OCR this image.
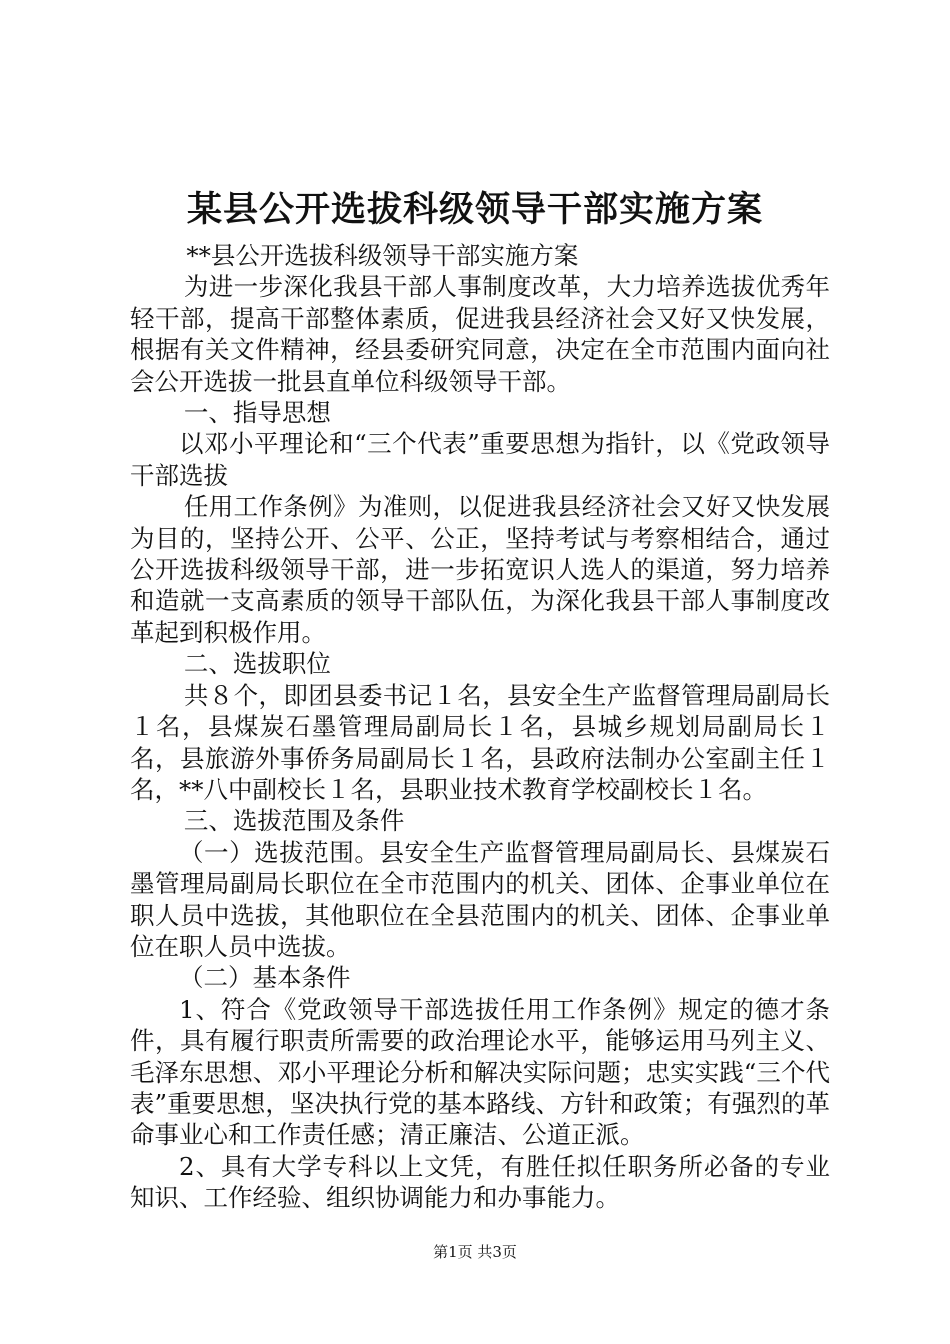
某县公开选拔科级领导干部实施方案

**县公开选拔科级领导干部实施方案

为进一步深化我县干部人事制度改革，大力培养选拔优秀年轻干部，提高干部整体素质，促进我县经济社会又好又快发展，根据有关文件精神，经县委研究同意，决定在全市范围内面向社会公开选拔一批县直单位科级领导干部。

一、指导思想

以邓小平理论和“三个代表”重要思想为指针，以《党政领导干部选拔

任用工作条例》为准则，以促进我县经济社会又好又快发展为目的，坚持公开、公平、公正，坚持考试与考察相结合，通过公开选拔科级领导干部，进一步拓宽识人选人的渠道，努力培养和造就一支高素质的领导干部队伍，为深化我县干部人事制度改革起到积极作用。

二、选拔职位

共８个，即团县委书记１名，县安全生产监督管理局副局长１名，县煤炭石墨管理局副局长１名，县城乡规划局副局长１名，县旅游外事侨务局副局长１名，县政府法制办公室副主任１名，**八中副校长１名，县职业技术教育学校副校长１名。

三、选拔范围及条件

（一）选拔范围。县安全生产监督管理局副局长、县煤炭石墨管理局副局长职位在全市范围内的机关、团体、企事业单位在职人员中选拔，其他职位在全县范围内的机关、团体、企事业单位在职人员中选拔。

（二）基本条件

1、符合《党政领导干部选拔任用工作条例》规定的德才条件，具有履行职责所需要的政治理论水平，能够运用马列主义、毛泽东思想、邓小平理论分析和解决实际问题；忠实实践“三个代表”重要思想，坚决执行党的基本路线、方针和政策；有强烈的革命事业心和工作责任感；清正廉洁、公道正派。

2、具有大学专科以上文凭，有胜任拟任职务所必备的专业知识、工作经验、组织协调能力和办事能力。

第1页 共3页
